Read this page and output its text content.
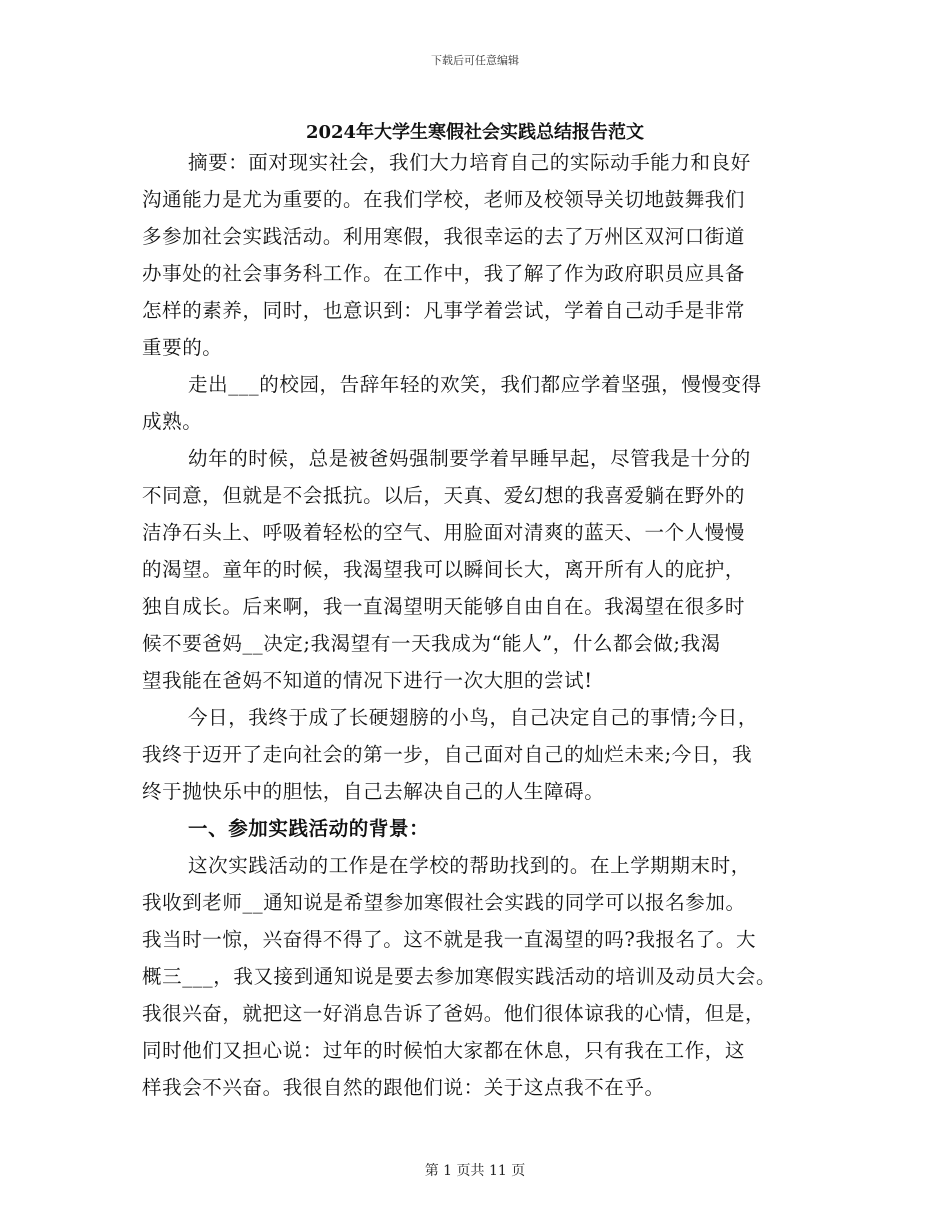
下载后可任意编辑
2024年大学生寒假社会实践总结报告范文
摘要：面对现实社会，我们大力培育自己的实际动手能力和良好
沟通能力是尤为重要的。在我们学校，老师及校领导关切地鼓舞我们
多参加社会实践活动。利用寒假，我很幸运的去了万州区双河口街道
办事处的社会事务科工作。在工作中，我了解了作为政府职员应具备
怎样的素养，同时，也意识到：凡事学着尝试，学着自己动手是非常
重要的。
走出___的校园，告辞年轻的欢笑，我们都应学着坚强，慢慢变得
成熟。
幼年的时候，总是被爸妈强制要学着早睡早起，尽管我是十分的
不同意，但就是不会抵抗。以后，天真、爱幻想的我喜爱躺在野外的
洁净石头上、呼吸着轻松的空气、用脸面对清爽的蓝天、一个人慢慢
的渴望。童年的时候，我渴望我可以瞬间长大，离开所有人的庇护，
独自成长。后来啊，我一直渴望明天能够自由自在。我渴望在很多时
候不要爸妈__决定;我渴望有一天我成为“能人”，什么都会做;我渴
望我能在爸妈不知道的情况下进行一次大胆的尝试!
今日，我终于成了长硬翅膀的小鸟，自己决定自己的事情;今日，
我终于迈开了走向社会的第一步，自己面对自己的灿烂未来;今日，我
终于抛快乐中的胆怯，自己去解决自己的人生障碍。
一、参加实践活动的背景：
这次实践活动的工作是在学校的帮助找到的。在上学期期末时，
我收到老师__通知说是希望参加寒假社会实践的同学可以报名参加。
我当时一惊，兴奋得不得了。这不就是我一直渴望的吗?我报名了。大
概三___，我又接到通知说是要去参加寒假实践活动的培训及动员大会。
我很兴奋，就把这一好消息告诉了爸妈。他们很体谅我的心情，但是，
同时他们又担心说：过年的时候怕大家都在休息，只有我在工作，这
样我会不兴奋。我很自然的跟他们说：关于这点我不在乎。
第 1 页共 11 页
